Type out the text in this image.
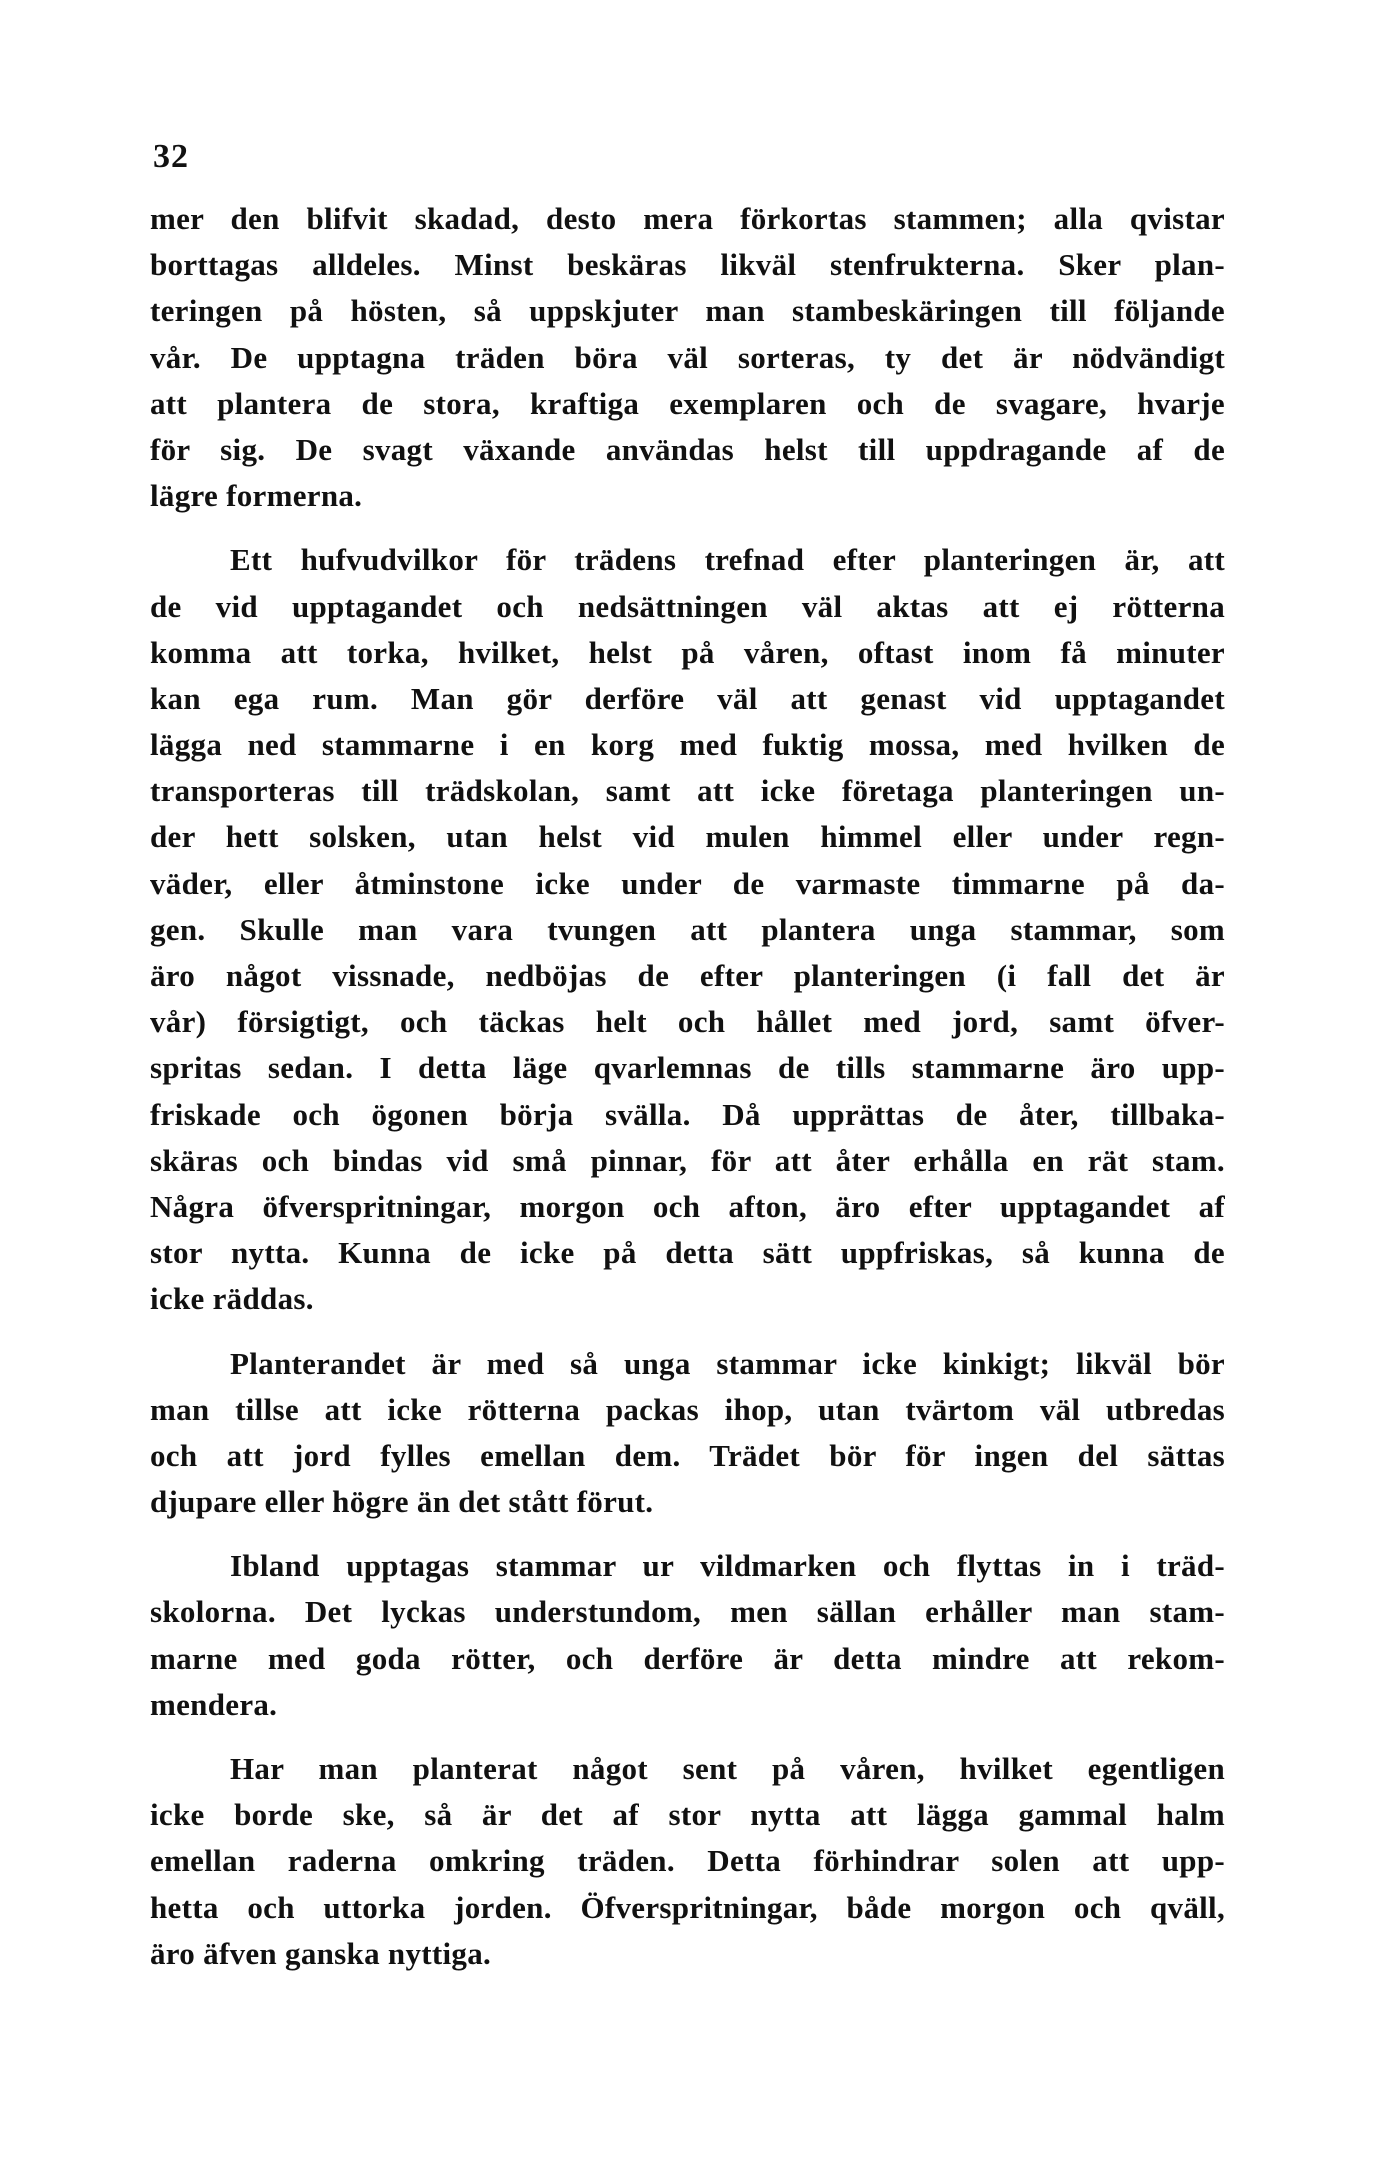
32
mer den blifvit skadad, desto mera förkortas stammen; alla qvistar
borttagas alldeles. Minst beskäras likväl stenfrukterna. Sker plan-
teringen på hösten, så uppskjuter man stambeskäringen till följande
vår. De upptagna träden böra väl sorteras, ty det är nödvändigt
att plantera de stora, kraftiga exemplaren och de svagare, hvarje
för sig. De svagt växande användas helst till uppdragande af de
lägre formerna.
Ett hufvudvilkor för trädens trefnad efter planteringen är, att
de vid upptagandet och nedsättningen väl aktas att ej rötterna
komma att torka, hvilket, helst på våren, oftast inom få minuter
kan ega rum. Man gör derföre väl att genast vid upptagandet
lägga ned stammarne i en korg med fuktig mossa, med hvilken de
transporteras till trädskolan, samt att icke företaga planteringen un-
der hett solsken, utan helst vid mulen himmel eller under regn-
väder, eller åtminstone icke under de varmaste timmarne på da-
gen. Skulle man vara tvungen att plantera unga stammar, som
äro något vissnade, nedböjas de efter planteringen (i fall det är
vår) försigtigt, och täckas helt och hållet med jord, samt öfver-
spritas sedan. I detta läge qvarlemnas de tills stammarne äro upp-
friskade och ögonen börja svälla. Då upprättas de åter, tillbaka-
skäras och bindas vid små pinnar, för att åter erhålla en rät stam.
Några öfverspritningar, morgon och afton, äro efter upptagandet af
stor nytta. Kunna de icke på detta sätt uppfriskas, så kunna de
icke räddas.
Planterandet är med så unga stammar icke kinkigt; likväl bör
man tillse att icke rötterna packas ihop, utan tvärtom väl utbredas
och att jord fylles emellan dem. Trädet bör för ingen del sättas
djupare eller högre än det stått förut.
Ibland upptagas stammar ur vildmarken och flyttas in i träd-
skolorna. Det lyckas understundom, men sällan erhåller man stam-
marne med goda rötter, och derföre är detta mindre att rekom-
mendera.
Har man planterat något sent på våren, hvilket egentligen
icke borde ske, så är det af stor nytta att lägga gammal halm
emellan raderna omkring träden. Detta förhindrar solen att upp-
hetta och uttorka jorden. Öfverspritningar, både morgon och qväll,
äro äfven ganska nyttiga.
